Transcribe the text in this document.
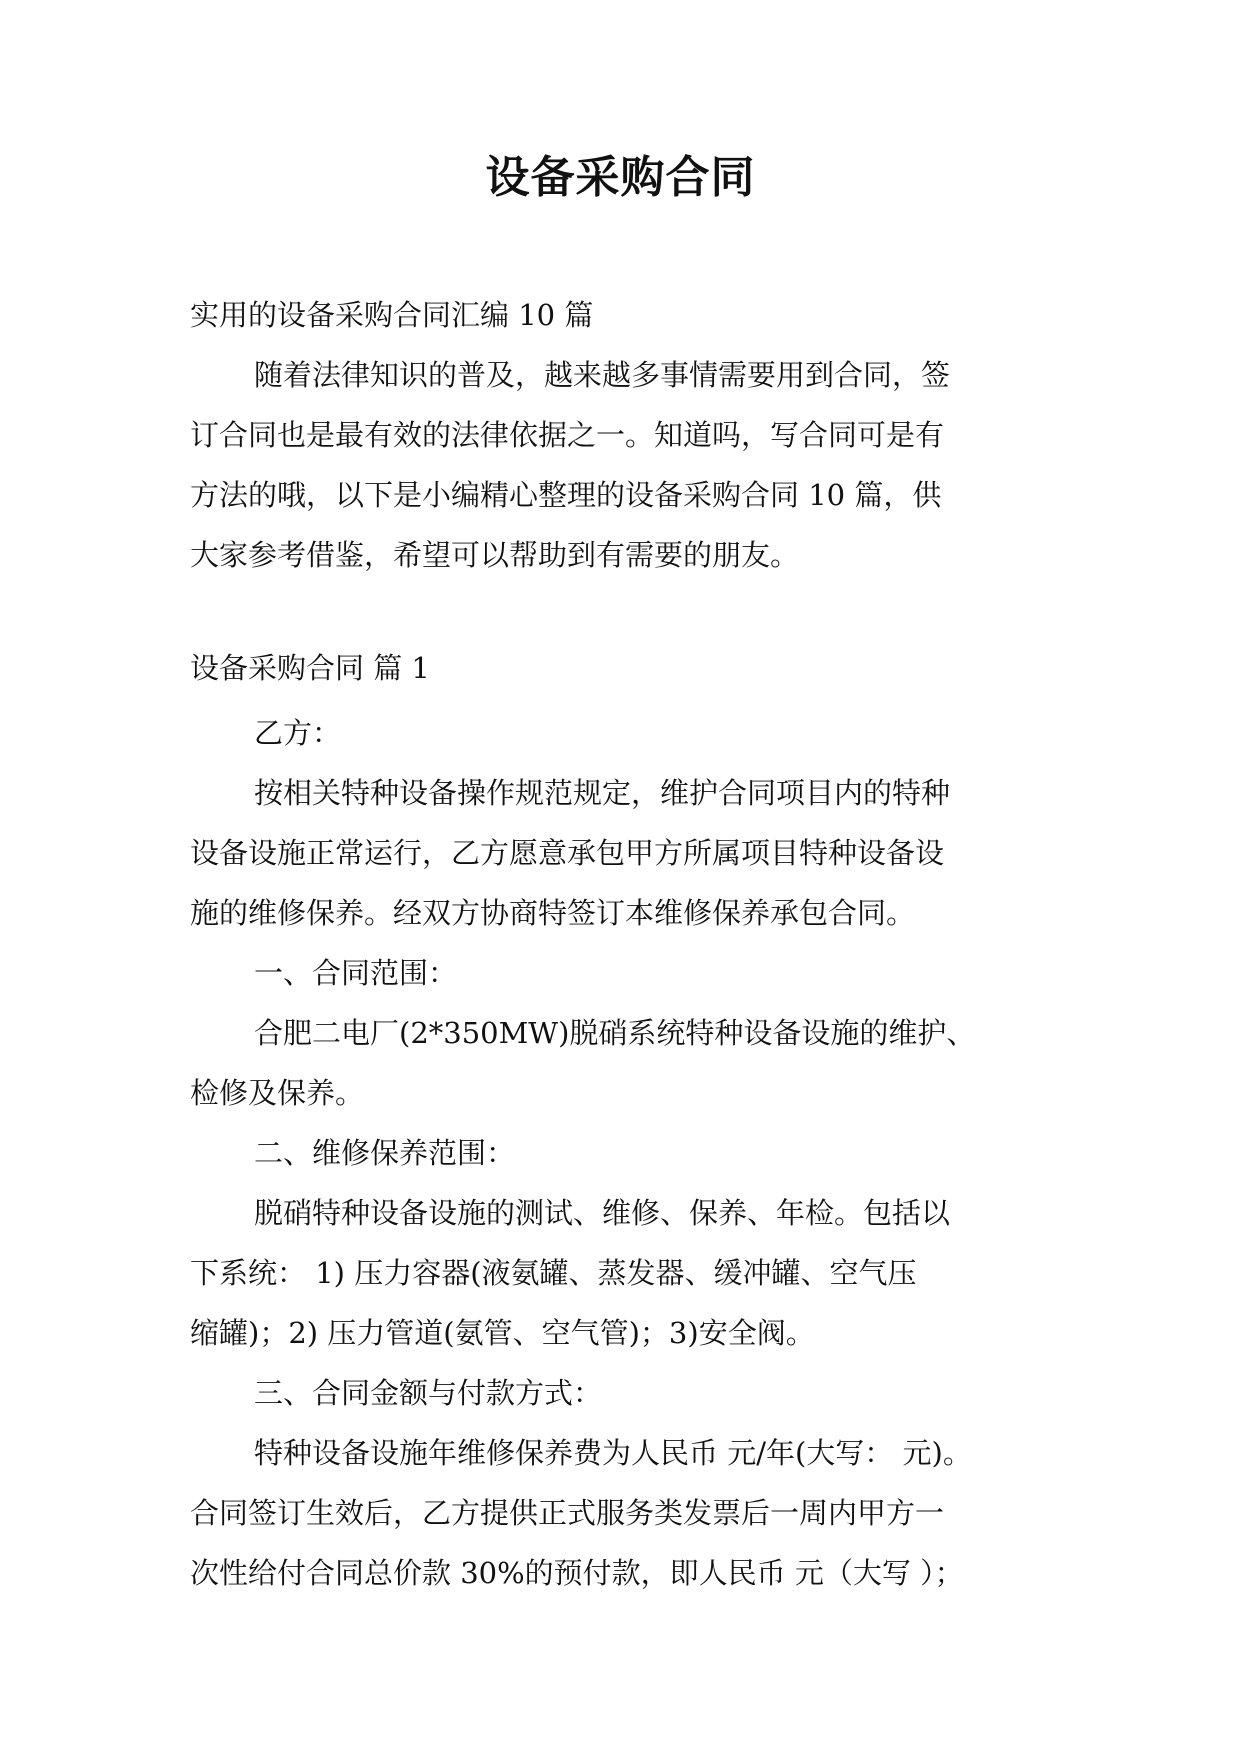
设备采购合同
实用的设备采购合同汇编 10 篇
随着法律知识的普及，越来越多事情需要用到合同，签
订合同也是最有效的法律依据之一。知道吗，写合同可是有
方法的哦，以下是小编精心整理的设备采购合同 10 篇，供
大家参考借鉴，希望可以帮助到有需要的朋友。
设备采购合同 篇 1
乙方：
按相关特种设备操作规范规定，维护合同项目内的特种
设备设施正常运行，乙方愿意承包甲方所属项目特种设备设
施的维修保养。经双方协商特签订本维修保养承包合同。
一、合同范围：
合肥二电厂(2*350MW)脱硝系统特种设备设施的维护、
检修及保养。
二、维修保养范围：
脱硝特种设备设施的测试、维修、保养、年检。包括以
下系统： 1) 压力容器(液氨罐、蒸发器、缓冲罐、空气压
缩罐)；2) 压力管道(氨管、空气管)；3)安全阀。
三、合同金额与付款方式：
特种设备设施年维修保养费为人民币 元/年(大写： 元)。
合同签订生效后，乙方提供正式服务类发票后一周内甲方一
次性给付合同总价款 30%的预付款，即人民币 元（大写 ）；
